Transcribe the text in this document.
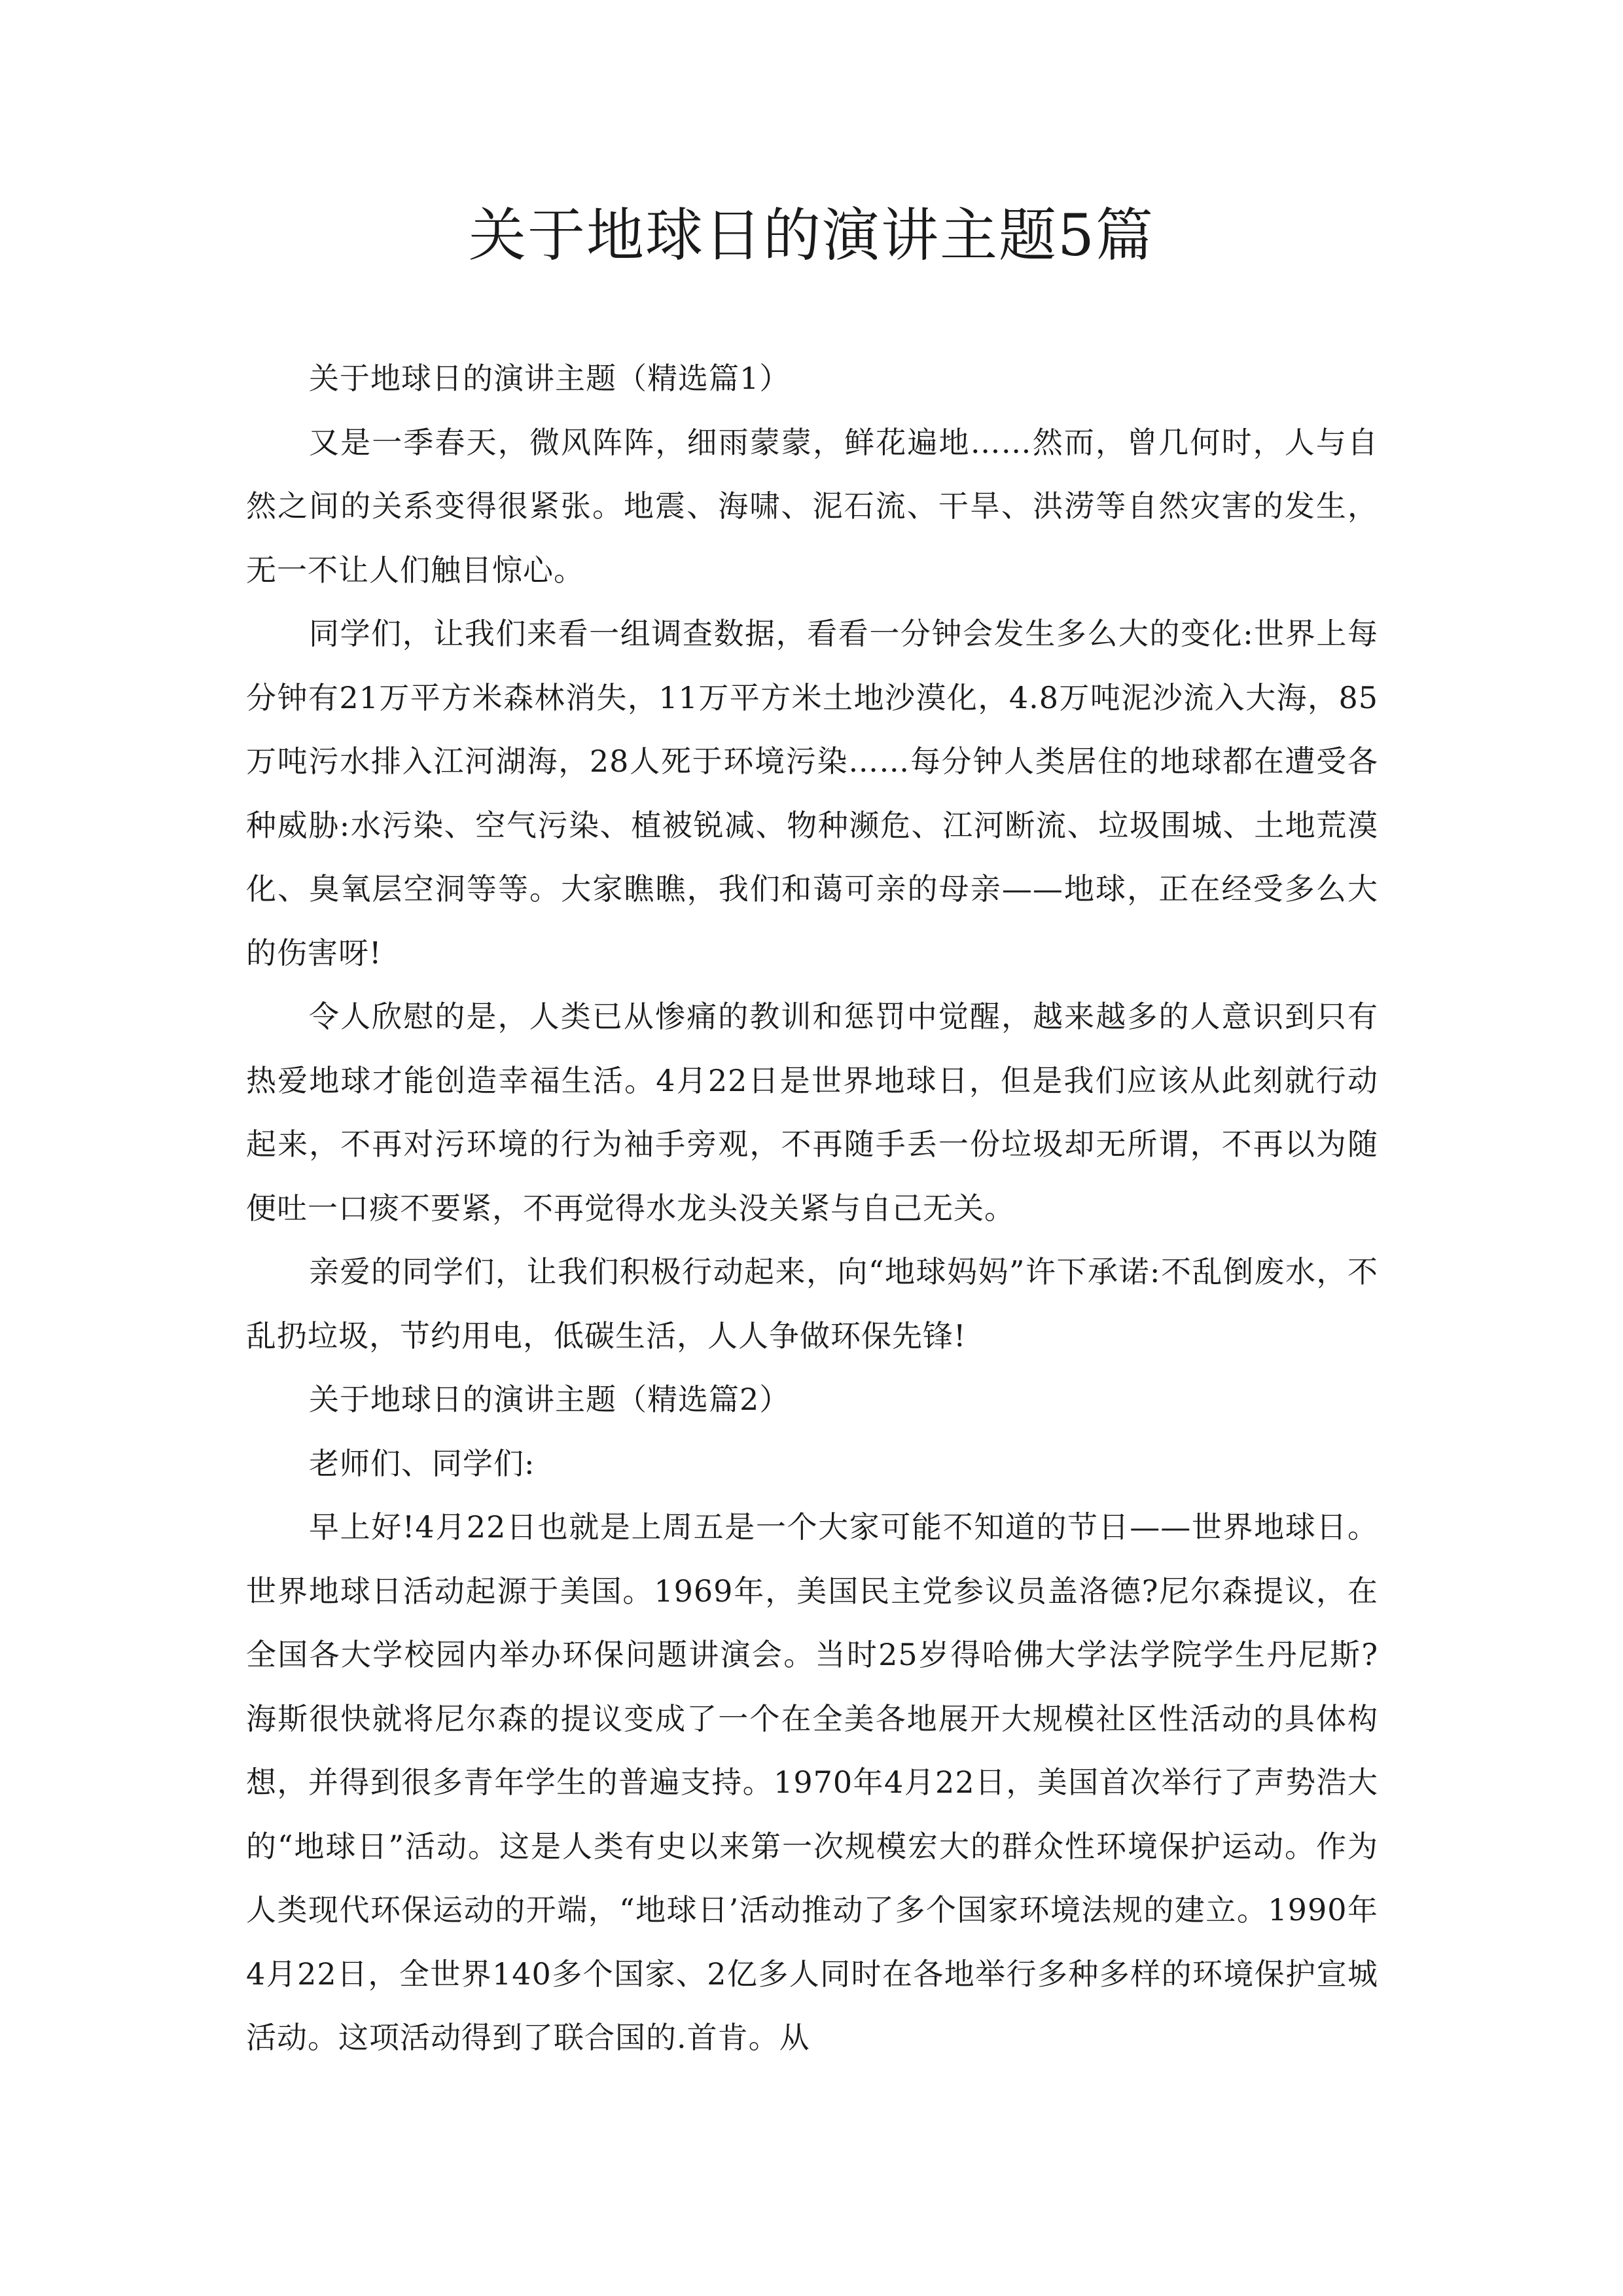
关于地球日的演讲主题5篇

关于地球日的演讲主题（精选篇1）

又是一季春天，微风阵阵，细雨蒙蒙，鲜花遍地……然而，曾几何时，人与自然之间的关系变得很紧张。地震、海啸、泥石流、干旱、洪涝等自然灾害的发生，无一不让人们触目惊心。

同学们，让我们来看一组调查数据，看看一分钟会发生多么大的变化:世界上每分钟有21万平方米森林消失，11万平方米土地沙漠化，4.8万吨泥沙流入大海，85万吨污水排入江河湖海，28人死于环境污染……每分钟人类居住的地球都在遭受各种威胁:水污染、空气污染、植被锐减、物种濒危、江河断流、垃圾围城、土地荒漠化、臭氧层空洞等等。大家瞧瞧，我们和蔼可亲的母亲——地球，正在经受多么大的伤害呀!

令人欣慰的是，人类已从惨痛的教训和惩罚中觉醒，越来越多的人意识到只有热爱地球才能创造幸福生活。4月22日是世界地球日，但是我们应该从此刻就行动起来，不再对污环境的行为袖手旁观，不再随手丢一份垃圾却无所谓，不再以为随便吐一口痰不要紧，不再觉得水龙头没关紧与自己无关。

亲爱的同学们，让我们积极行动起来，向“地球妈妈”许下承诺:不乱倒废水，不乱扔垃圾，节约用电，低碳生活，人人争做环保先锋!

关于地球日的演讲主题（精选篇2）

老师们、同学们:

早上好!4月22日也就是上周五是一个大家可能不知道的节日——世界地球日。世界地球日活动起源于美国。1969年，美国民主党参议员盖洛德?尼尔森提议，在全国各大学校园内举办环保问题讲演会。当时25岁得哈佛大学法学院学生丹尼斯?海斯很快就将尼尔森的提议变成了一个在全美各地展开大规模社区性活动的具体构想，并得到很多青年学生的普遍支持。1970年4月22日，美国首次举行了声势浩大的“地球日”活动。这是人类有史以来第一次规模宏大的群众性环境保护运动。作为人类现代环保运动的开端，“地球日’活动推动了多个国家环境法规的建立。1990年4月22日，全世界140多个国家、2亿多人同时在各地举行多种多样的环境保护宣城活动。这项活动得到了联合国的.首肯。从
